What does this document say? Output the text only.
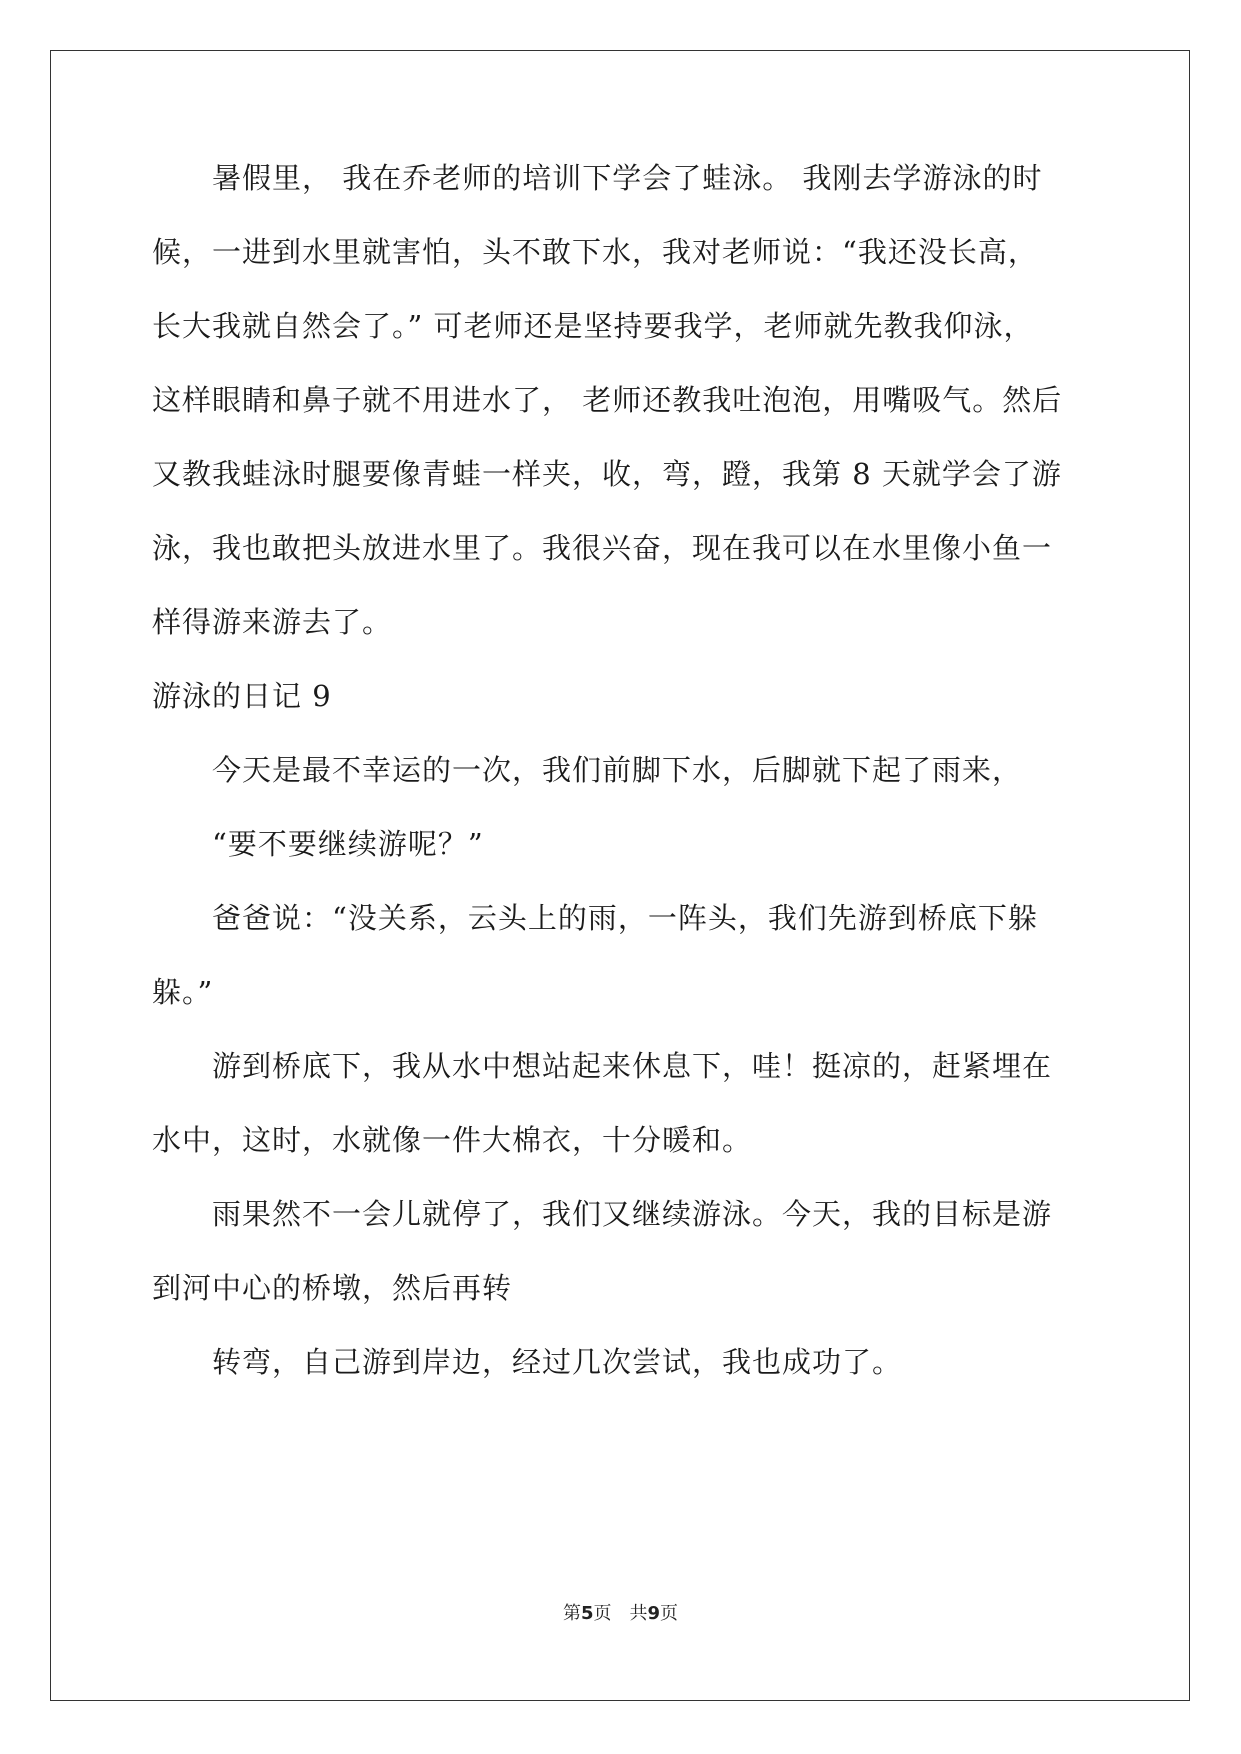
暑假里， 我在乔老师的培训下学会了蛙泳。 我刚去学游泳的时
候，一进到水里就害怕，头不敢下水，我对老师说：“我还没长高，
长大我就自然会了。” 可老师还是坚持要我学，老师就先教我仰泳，
这样眼睛和鼻子就不用进水了， 老师还教我吐泡泡，用嘴吸气。然后
又教我蛙泳时腿要像青蛙一样夹，收，弯，蹬，我第 8 天就学会了游
泳，我也敢把头放进水里了。我很兴奋，现在我可以在水里像小鱼一
样得游来游去了。
游泳的日记 9
今天是最不幸运的一次，我们前脚下水，后脚就下起了雨来，
“要不要继续游呢？”
爸爸说：“没关系，云头上的雨，一阵头，我们先游到桥底下躲
躲。”
游到桥底下，我从水中想站起来休息下，哇！挺凉的，赶紧埋在
水中，这时，水就像一件大棉衣，十分暖和。
雨果然不一会儿就停了，我们又继续游泳。今天，我的目标是游
到河中心的桥墩，然后再转
转弯，自己游到岸边，经过几次尝试，我也成功了。
第5页　共9页
